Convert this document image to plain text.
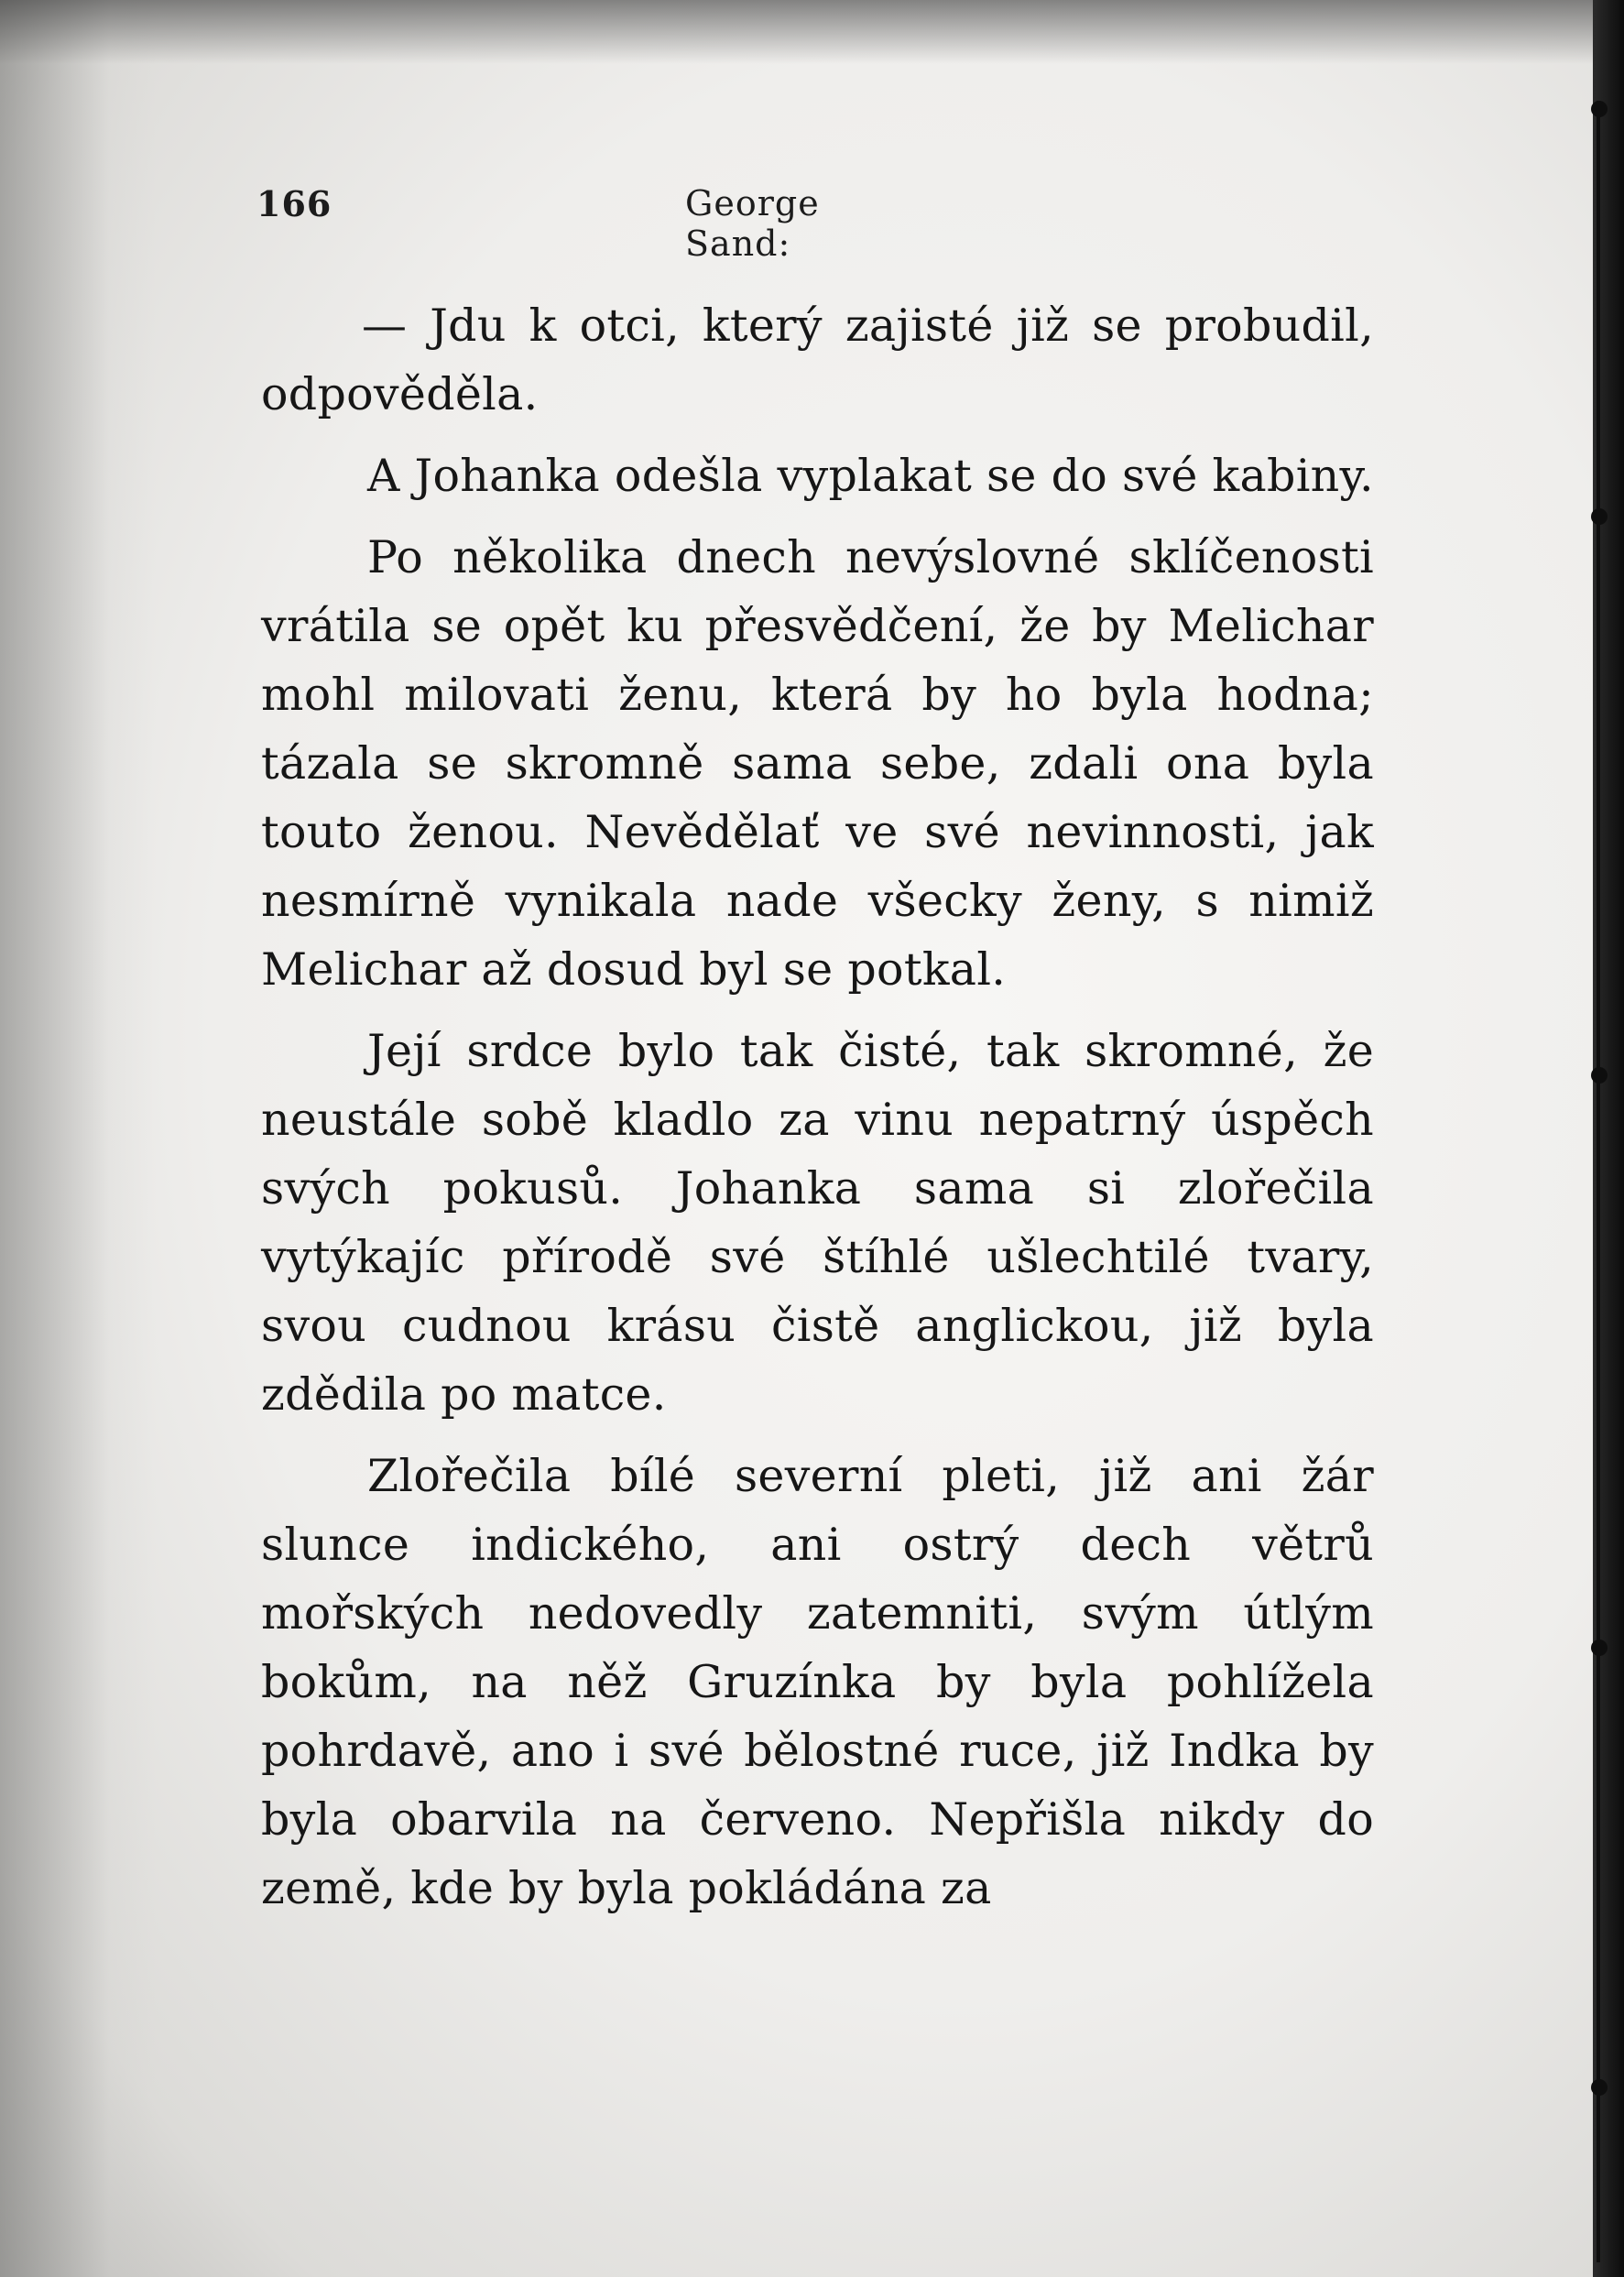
166	George Sand:

— Jdu k otci, který zajisté již se probudil, odpověděla.

A Johanka odešla vyplakat se do své kabiny.

Po několika dnech nevýslovné sklíčenosti vrátila se opět ku přesvědčení, že by Melichar mohl milovati ženu, která by ho byla hodna; tázala se skromně sama sebe, zdali ona byla touto ženou. Nevědělať ve své nevinnosti, jak nesmírně vynikala nade všecky ženy, s nimiž Melichar až dosud byl se potkal.

Její srdce bylo tak čisté, tak skromné, že neustále sobě kladlo za vinu nepatrný úspěch svých pokusů. Johanka sama si zlořečila vytýkajíc přírodě své štíhlé ušlechtilé tvary, svou cudnou krásu čistě anglickou, již byla zdědila po matce.

Zlořečila bílé severní pleti, již ani žár slunce indického, ani ostrý dech větrů mořských nedovedly zatemniti, svým útlým bokům, na něž Gruzínka by byla pohlížela pohrdavě, ano i své bělostné ruce, již Indka by byla obarvila na červeno. Nepřišla nikdy do země, kde by byla pokládána za
